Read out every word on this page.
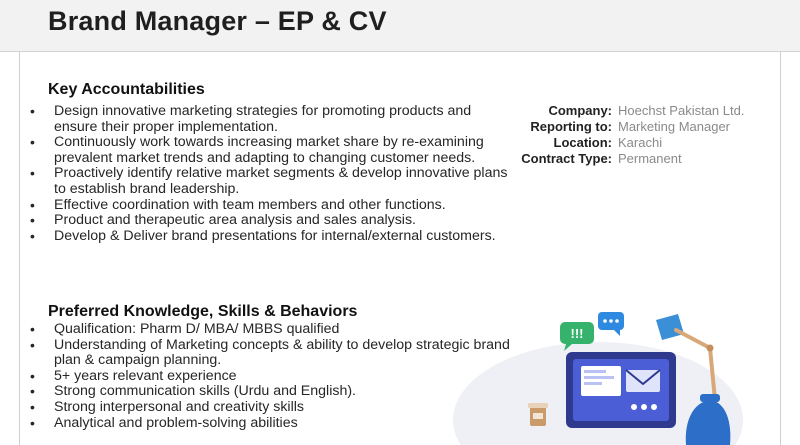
Brand Manager – EP & CV
Key Accountabilities
• Design innovative marketing strategies for promoting products and ensure their proper implementation.
• Continuously work towards increasing market share by re-examining prevalent market trends and adapting to changing customer needs.
• Proactively identify relative market segments & develop innovative plans to establish brand leadership.
• Effective coordination with team members and other functions.
• Product and therapeutic area analysis and sales analysis.
• Develop & Deliver brand presentations for internal/external customers.
Preferred Knowledge, Skills & Behaviors
• Qualification: Pharm D/ MBA/ MBBS qualified
• Understanding of Marketing concepts & ability to develop strategic brand plan & campaign planning.
• 5+ years relevant experience
• Strong communication skills (Urdu and English).
• Strong interpersonal and creativity skills
• Analytical and problem-solving abilities
Company: Hoechst Pakistan Ltd.
Reporting to: Marketing Manager
Location: Karachi
Contract Type: Permanent
!!!
